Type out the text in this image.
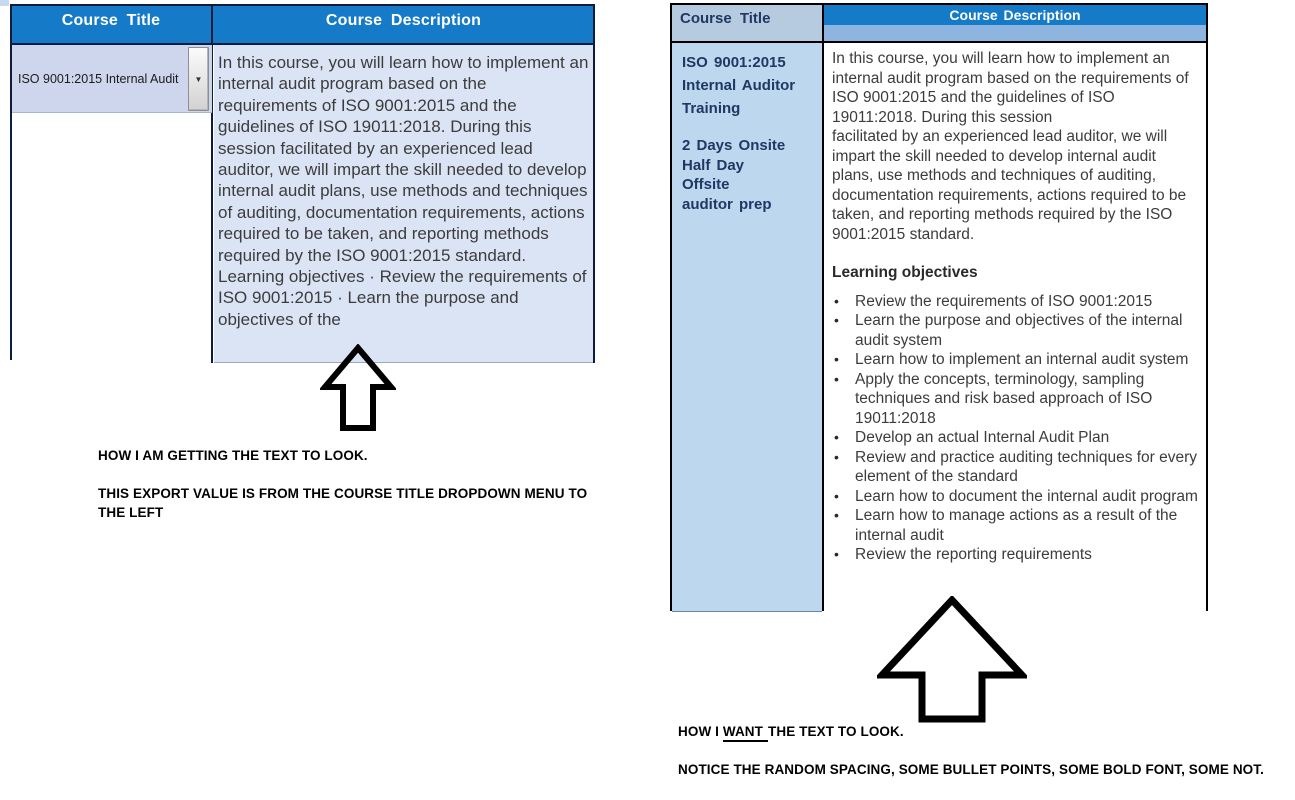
Course Title	Course Description
ISO 9001:2015 Internal Audit ▼
In this course, you will learn how to implement an internal audit program based on the requirements of ISO 9001:2015 and the guidelines of ISO 19011:2018. During this session facilitated by an experienced lead auditor, we will impart the skill needed to develop internal audit plans, use methods and techniques of auditing, documentation requirements, actions required to be taken, and reporting methods required by the ISO 9001:2015 standard. Learning objectives · Review the requirements of ISO 9001:2015 · Learn the purpose and objectives of the
Course Title	Course Description
ISO 9001:2015
Internal Auditor
Training
2 Days Onsite
Half Day
Offsite
auditor prep

In this course, you will learn how to implement an internal audit program based on the requirements of ISO 9001:2015 and the guidelines of ISO 19011:2018. During this session

facilitated by an experienced lead auditor, we will impart the skill needed to develop internal audit plans, use methods and techniques of auditing, documentation requirements, actions required to be taken, and reporting methods required by the ISO 9001:2015 standard.

Learning objectives
• Review the requirements of ISO 9001:2015
• Learn the purpose and objectives of the internal audit system
• Learn how to implement an internal audit system
• Apply the concepts, terminology, sampling techniques and risk based approach of ISO 19011:2018
• Develop an actual Internal Audit Plan
• Review and practice auditing techniques for every element of the standard
• Learn how to document the internal audit program
• Learn how to manage actions as a result of the internal audit
• Review the reporting requirements
HOW I AM GETTING THE TEXT TO LOOK.
THIS EXPORT VALUE IS FROM THE COURSE TITLE DROPDOWN MENU TO THE LEFT
HOW I WANT THE TEXT TO LOOK.
NOTICE THE RANDOM SPACING, SOME BULLET POINTS, SOME BOLD FONT, SOME NOT.
